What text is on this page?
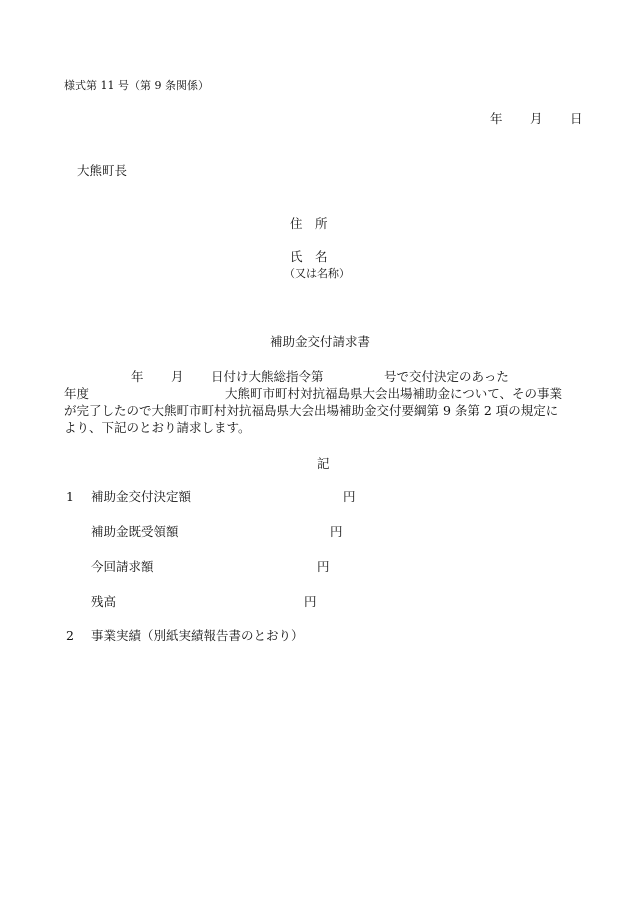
様式第 11 号（第 9 条関係）
年 月 日
大熊町長
住　所
氏　名
（又は名称）
補助金交付請求書
年 月 日付け大熊総指令第	号で交付決定のあった
年度	大熊町市町村対抗福島県大会出場補助金について、その事業
が完了したので大熊町市町村対抗福島県大会出場補助金交付要綱第 9 条第 2 項の規定に
より、下記のとおり請求します。
記
1 補助金交付決定額	円
補助金既受領額	円
今回請求額	円
残高	円
2 事業実績（別紙実績報告書のとおり）
